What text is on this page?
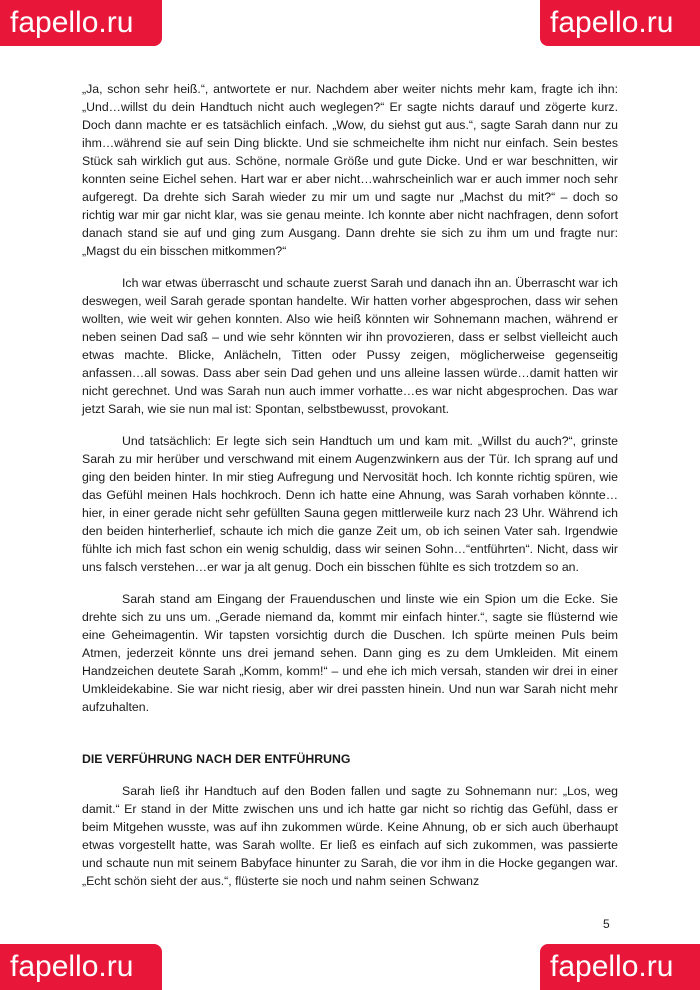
fapello.ru	fapello.ru

„Ja, schon sehr heiß.“, antwortete er nur. Nachdem aber weiter nichts mehr kam, fragte ich ihn: „Und…willst du dein Handtuch nicht auch weglegen?“ Er sagte nichts darauf und zögerte kurz. Doch dann machte er es tatsächlich einfach. „Wow, du siehst gut aus.“, sagte Sarah dann nur zu ihm…während sie auf sein Ding blickte. Und sie schmeichelte ihm nicht nur einfach. Sein bestes Stück sah wirklich gut aus. Schöne, normale Größe und gute Dicke. Und er war beschnitten, wir konnten seine Eichel sehen. Hart war er aber nicht…wahrscheinlich war er auch immer noch sehr aufgeregt. Da drehte sich Sarah wieder zu mir um und sagte nur „Machst du mit?“ – doch so richtig war mir gar nicht klar, was sie genau meinte. Ich konnte aber nicht nachfragen, denn sofort danach stand sie auf und ging zum Ausgang. Dann drehte sie sich zu ihm um und fragte nur: „Magst du ein bisschen mitkommen?“

Ich war etwas überrascht und schaute zuerst Sarah und danach ihn an. Überrascht war ich deswegen, weil Sarah gerade spontan handelte. Wir hatten vorher abgesprochen, dass wir sehen wollten, wie weit wir gehen konnten. Also wie heiß könnten wir Sohnemann machen, während er neben seinen Dad saß – und wie sehr könnten wir ihn provozieren, dass er selbst vielleicht auch etwas machte. Blicke, Anlächeln, Titten oder Pussy zeigen, möglicherweise gegenseitig anfassen…all sowas. Dass aber sein Dad gehen und uns alleine lassen würde…damit hatten wir nicht gerechnet. Und was Sarah nun auch immer vorhatte…es war nicht abgesprochen. Das war jetzt Sarah, wie sie nun mal ist: Spontan, selbstbewusst, provokant.

Und tatsächlich: Er legte sich sein Handtuch um und kam mit. „Willst du auch?“, grinste Sarah zu mir herüber und verschwand mit einem Augenzwinkern aus der Tür. Ich sprang auf und ging den beiden hinter. In mir stieg Aufregung und Nervosität hoch. Ich konnte richtig spüren, wie das Gefühl meinen Hals hochkroch. Denn ich hatte eine Ahnung, was Sarah vorhaben könnte…hier, in einer gerade nicht sehr gefüllten Sauna gegen mittlerweile kurz nach 23 Uhr. Während ich den beiden hinterherlief, schaute ich mich die ganze Zeit um, ob ich seinen Vater sah. Irgendwie fühlte ich mich fast schon ein wenig schuldig, dass wir seinen Sohn…“entführten“. Nicht, dass wir uns falsch verstehen…er war ja alt genug. Doch ein bisschen fühlte es sich trotzdem so an.

Sarah stand am Eingang der Frauenduschen und linste wie ein Spion um die Ecke. Sie drehte sich zu uns um. „Gerade niemand da, kommt mir einfach hinter.“, sagte sie flüsternd wie eine Geheimagentin. Wir tapsten vorsichtig durch die Duschen. Ich spürte meinen Puls beim Atmen, jederzeit könnte uns drei jemand sehen. Dann ging es zu dem Umkleiden. Mit einem Handzeichen deutete Sarah „Komm, komm!“ – und ehe ich mich versah, standen wir drei in einer Umkleidekabine. Sie war nicht riesig, aber wir drei passten hinein. Und nun war Sarah nicht mehr aufzuhalten.

DIE VERFÜHRUNG NACH DER ENTFÜHRUNG

Sarah ließ ihr Handtuch auf den Boden fallen und sagte zu Sohnemann nur: „Los, weg damit.“ Er stand in der Mitte zwischen uns und ich hatte gar nicht so richtig das Gefühl, dass er beim Mitgehen wusste, was auf ihn zukommen würde. Keine Ahnung, ob er sich auch überhaupt etwas vorgestellt hatte, was Sarah wollte. Er ließ es einfach auf sich zukommen, was passierte und schaute nun mit seinem Babyface hinunter zu Sarah, die vor ihm in die Hocke gegangen war. „Echt schön sieht der aus.“, flüsterte sie noch und nahm seinen Schwanz

5
fapello.ru	fapello.ru
